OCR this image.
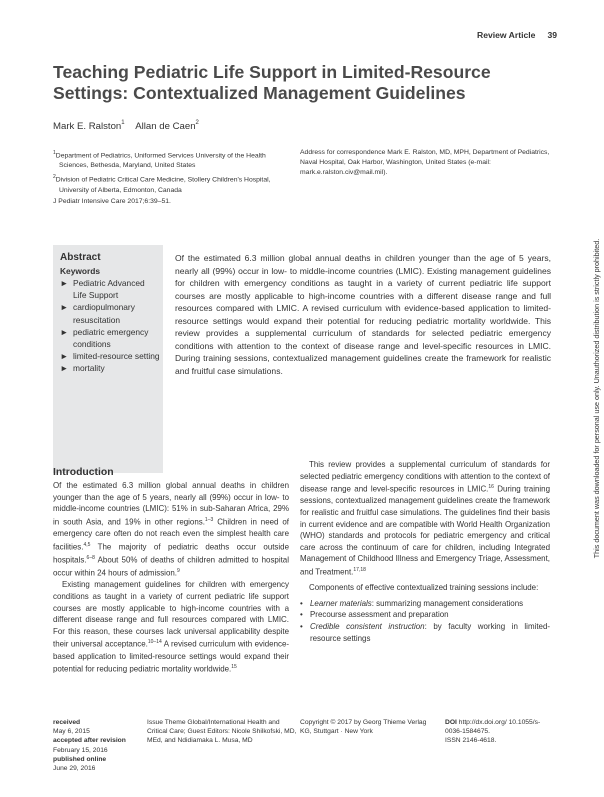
Review Article 39
Teaching Pediatric Life Support in Limited-Resource Settings: Contextualized Management Guidelines
Mark E. Ralston$^1$ Allan de Caen$^2$

$^1$Department of Pediatrics, Uniformed Services University of the Health Sciences, Bethesda, Maryland, United States

$^2$Division of Pediatric Critical Care Medicine, Stollery Children's Hospital, University of Alberta, Edmonton, Canada

Address for correspondence Mark E. Ralston, MD, MPH, Department of Pediatrics, Naval Hospital, Oak Harbor, Washington, United States (e-mail: mark.e.ralston.civ@mail.mil).
J Pediatr Intensive Care 2017;6:39–51.
Abstract
Keywords
► Pediatric Advanced Life Support
► cardiopulmonary resuscitation
► pediatric emergency conditions
► limited-resource setting
► mortality
Of the estimated 6.3 million global annual deaths in children younger than the age of 5 years, nearly all (99%) occur in low- to middle-income countries (LMIC). Existing management guidelines for children with emergency conditions as taught in a variety of current pediatric life support courses are mostly applicable to high-income countries with a different disease range and full resources compared with LMIC. A revised curriculum with evidence-based application to limited-resource settings would expand their potential for reducing pediatric mortality worldwide. This review provides a supplemental curriculum of standards for selected pediatric emergency conditions with attention to the context of disease range and level-specific resources in LMIC. During training sessions, contextualized management guidelines create the framework for realistic and fruitful case simulations.
Introduction

Of the estimated 6.3 million global annual deaths in children younger than the age of 5 years, nearly all (99%) occur in low- to middle-income countries (LMIC): 51% in sub-Saharan Africa, 29% in south Asia, and 19% in other regions.$^{1-3}$ Children in need of emergency care often do not reach even the simplest health care facilities.$^{4,5}$ The majority of pediatric deaths occur outside hospitals.$^{6-8}$ About 50% of deaths of children admitted to hospital occur within 24 hours of admission.$^9$

Existing management guidelines for children with emergency conditions as taught in a variety of current pediatric life support courses are mostly applicable to high-income countries with a different disease range and full resources compared with LMIC. For this reason, these courses lack universal applicability despite their universal acceptance.$^{10-14}$ A revised curriculum with evidence-based application to limited-resource settings would expand their potential for reducing pediatric mortality worldwide.$^{15}$

This review provides a supplemental curriculum of standards for selected pediatric emergency conditions with attention to the context of disease range and level-specific resources in LMIC.$^{16}$ During training sessions, contextualized management guidelines create the framework for realistic and fruitful case simulations. The guidelines find their basis in current evidence and are compatible with World Health Organization (WHO) standards and protocols for pediatric emergency and critical care across the continuum of care for children, including Integrated Management of Childhood Illness and Emergency Triage, Assessment, and Treatment.$^{17,18}$

Components of effective contextualized training sessions include:

• Learner materials: summarizing management considerations
• Precourse assessment and preparation
• Credible consistent instruction: by faculty working in limited-resource settings
received
May 6, 2015
accepted after revision
February 15, 2016
published online
June 29, 2016
Issue Theme Global/International Health and Critical Care; Guest Editors: Nicole Shilkofski, MD, MEd, and Ndidiamaka L. Musa, MD
Copyright © 2017 by Georg Thieme Verlag KG, Stuttgart · New York
DOI http://dx.doi.org/ 10.1055/s-0036-1584675.
ISSN 2146-4618.
This document was downloaded for personal use only. Unauthorized distribution is strictly prohibited.
